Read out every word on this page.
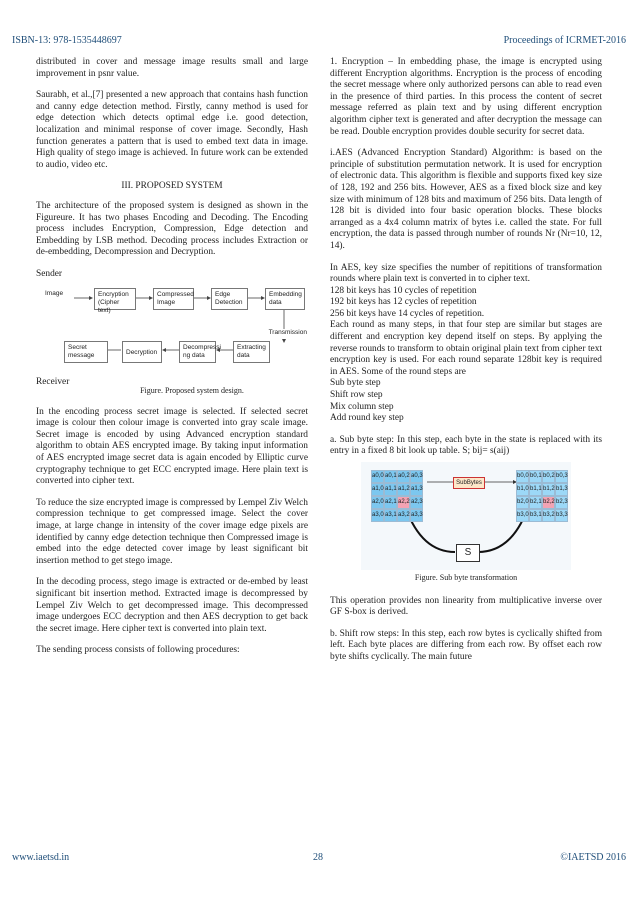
ISBN-13: 978-1535448697	Proceedings of ICRMET-2016

distributed in cover and message image results small and large improvement in psnr value.

Saurabh, et al.,[7] presented a new approach that contains hash function and canny edge detection method. Firstly, canny method is used for edge detection which detects optimal edge i.e. good detection, localization and minimal response of cover image. Secondly, Hash function generates a pattern that is used to embed text data in image. High quality of stego image is achieved. In future work can be extended to audio, video etc.

III. PROPOSED SYSTEM

The architecture of the proposed system is designed as shown in the Figureure. It has two phases Encoding and Decoding. The Encoding process includes Encryption, Compression, Edge detection and Embedding by LSB method. Decoding process includes Extraction or de-embedding, Decompression and Decryption.

Sender
Image	Encryption (Cipher text)
Compressed Image
Edge Detection
Embedding data
Transmission
Secret message	Decryption
Decompressi ng data
Extracting data
Receiver
Figure. Proposed system design.

In the encoding process secret image is selected. If selected secret image is colour then colour image is converted into gray scale image. Secret image is encoded by using Advanced encryption standard algorithm to obtain AES encrypted image. By taking input information of AES encrypted image secret data is again encoded by Elliptic curve cryptography technique to get ECC encrypted image. Here plain text is converted into cipher text.

To reduce the size encrypted image is compressed by Lempel Ziv Welch compression technique to get compressed image. Select the cover image, at large change in intensity of the cover image edge pixels are identified by canny edge detection technique then Compressed image is embed into the edge detected cover image by least significant bit insertion method to get stego image.

In the decoding process, stego image is extracted or de-embed by least significant bit insertion method. Extracted image is decompressed by Lempel Ziv Welch to get decompressed image. This decompressed image undergoes ECC decryption and then AES decryption to get back the secret image. Here cipher text is converted into plain text.

The sending process consists of following procedures:

1. Encryption – In embedding phase, the image is encrypted using different Encryption algorithms. Encryption is the process of encoding the secret message where only authorized persons can able to read even in the presence of third parties. In this process the content of secret message referred as plain text and by using different encryption algorithm cipher text is generated and after decryption the message can be read. Double encryption provides double security for secret data.

i.AES (Advanced Encryption Standard) Algorithm: is based on the principle of substitution permutation network. It is used for encryption of electronic data. This algorithm is flexible and supports fixed key size of 128, 192 and 256 bits. However, AES as a fixed block size and key size with minimum of 128 bits and maximum of 256 bits. Data length of 128 bit is divided into four basic operation blocks. These blocks arranged as a 4x4 column matrix of bytes i.e. called the state. For full encryption, the data is passed through number of rounds Nr (Nr=10, 12, 14).

In AES, key size specifies the number of repititions of transformation rounds where plain text is converted in to cipher text.

128 bit keys has 10 cycles of repetition
192 bit keys has 12 cycles of repetition
256 bit keys have 14 cycles of repetition.

Each round as many steps, in that four step are similar but stages are different and encryption key depend itself on steps. By applying the reverse rounds to transform to obtain original plain text from cipher text encryption key is used. For each round separate 128bit key is required in AES. Some of the round steps are

Sub byte step
Shift row step
Mix column step
Add round key step

a. Sub byte step: In this step, each byte in the state is replaced with its entry in a fixed 8 bit look up table. S; bij= s(aij)

SubBytes
S
a0,0 a0,1 a0,2 a0,3
a1,0 a1,1 a1,2 a1,3
a2,0 a2,1 a2,2 a2,3
a3,0 a3,1 a3,2 a3,3
b0,0 b0,1 b0,2 b0,3
b1,0 b1,1 b1,2 b1,3
b2,0 b2,1 b2,2 b2,3
b3,0 b3,1 b3,2 b3,3
Figure. Sub byte transformation

This operation provides non linearity from multiplicative inverse over GF S-box is derived.

b. Shift row steps: In this step, each row bytes is cyclically shifted from left. Each byte places are differing from each row. By offset each row byte shifts cyclically. The main future

www.iaetsd.in	28	©IAETSD 2016
